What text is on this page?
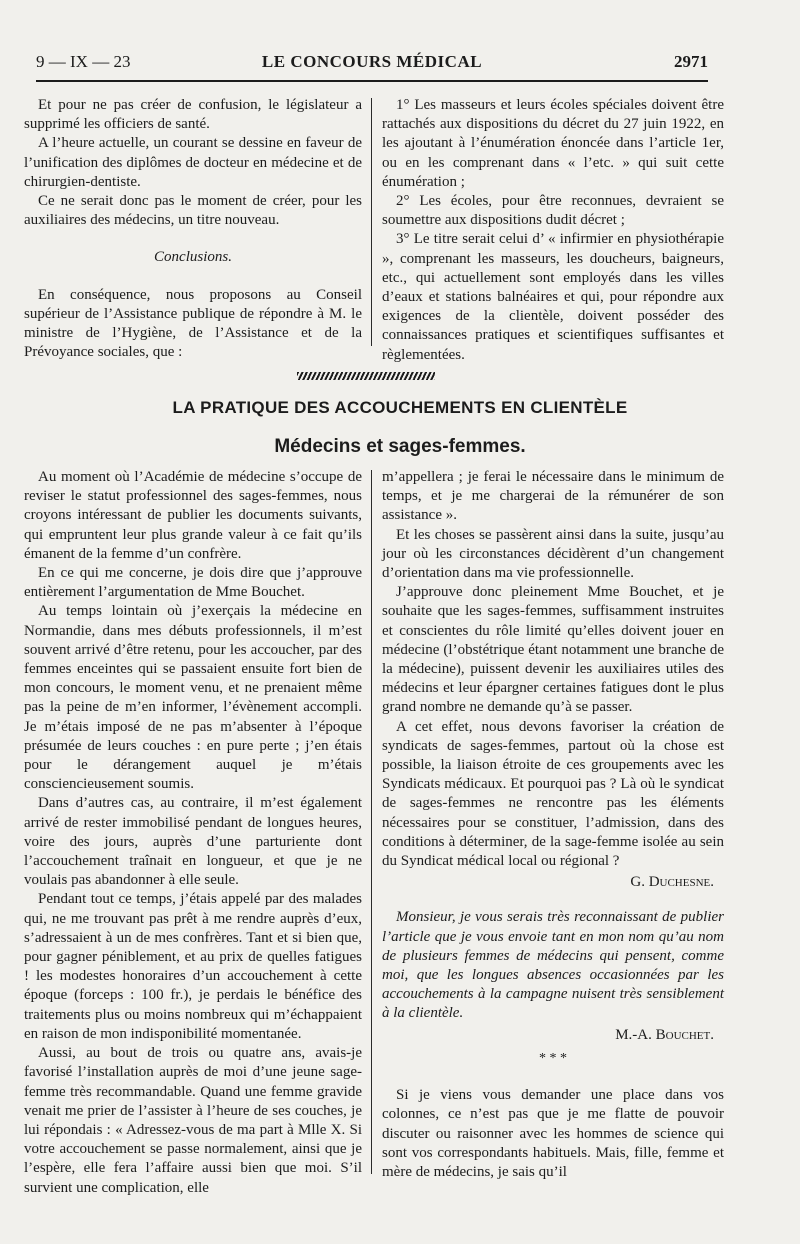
9 — IX — 23	LE CONCOURS MÉDICAL	2971

Et pour ne pas créer de confusion, le législateur a supprimé les officiers de santé.

A l’heure actuelle, un courant se dessine en faveur de l’unification des diplômes de docteur en médecine et de chirurgien-dentiste.

Ce ne serait donc pas le moment de créer, pour les auxiliaires des médecins, un titre nouveau.

Conclusions.

En conséquence, nous proposons au Conseil supérieur de l’Assistance publique de répondre à M. le ministre de l’Hygiène, de l’Assistance et de la Prévoyance sociales, que :

1° Les masseurs et leurs écoles spéciales doivent être rattachés aux dispositions du décret du 27 juin 1922, en les ajoutant à l’énumération énoncée dans l’article 1er, ou en les comprenant dans « l’etc. » qui suit cette énumération ;

2° Les écoles, pour être reconnues, devraient se soumettre aux dispositions dudit décret ;

3° Le titre serait celui d’ « infirmier en physiothérapie », comprenant les masseurs, les doucheurs, baigneurs, etc., qui actuellement sont employés dans les villes d’eaux et stations balnéaires et qui, pour répondre aux exigences de la clientèle, doivent posséder des connaissances pratiques et scientifiques suffisantes et règlementées.

LA PRATIQUE DES ACCOUCHEMENTS EN CLIENTÈLE
Médecins et sages-femmes.

Au moment où l’Académie de médecine s’occupe de reviser le statut professionnel des sages-femmes, nous croyons intéressant de publier les documents suivants, qui empruntent leur plus grande valeur à ce fait qu’ils émanent de la femme d’un confrère.

En ce qui me concerne, je dois dire que j’approuve entièrement l’argumentation de Mme Bouchet.

Au temps lointain où j’exerçais la médecine en Normandie, dans mes débuts professionnels, il m’est souvent arrivé d’être retenu, pour les accoucher, par des femmes enceintes qui se passaient ensuite fort bien de mon concours, le moment venu, et ne prenaient même pas la peine de m’en informer, l’évènement accompli. Je m’étais imposé de ne pas m’absenter à l’époque présumée de leurs couches : en pure perte ; j’en étais pour le dérangement auquel je m’étais consciencieusement soumis.

Dans d’autres cas, au contraire, il m’est également arrivé de rester immobilisé pendant de longues heures, voire des jours, auprès d’une parturiente dont l’accouchement traînait en longueur, et que je ne voulais pas abandonner à elle seule.

Pendant tout ce temps, j’étais appelé par des malades qui, ne me trouvant pas prêt à me rendre auprès d’eux, s’adressaient à un de mes confrères. Tant et si bien que, pour gagner péniblement, et au prix de quelles fatigues ! les modestes honoraires d’un accouchement à cette époque (forceps : 100 fr.), je perdais le bénéfice des traitements plus ou moins nombreux qui m’échappaient en raison de mon indisponibilité momentanée.

Aussi, au bout de trois ou quatre ans, avais-je favorisé l’installation auprès de moi d’une jeune sage-femme très recommandable. Quand une femme gravide venait me prier de l’assister à l’heure de ses couches, je lui répondais : « Adressez-vous de ma part à Mlle X. Si votre accouchement se passe normalement, ainsi que je l’espère, elle fera l’affaire aussi bien que moi. S’il survient une complication, elle

m’appellera ; je ferai le nécessaire dans le minimum de temps, et je me chargerai de la rémunérer de son assistance ».

Et les choses se passèrent ainsi dans la suite, jusqu’au jour où les circonstances décidèrent d’un changement d’orientation dans ma vie professionnelle.

J’approuve donc pleinement Mme Bouchet, et je souhaite que les sages-femmes, suffisamment instruites et conscientes du rôle limité qu’elles doivent jouer en médecine (l’obstétrique étant notamment une branche de la médecine), puissent devenir les auxiliaires utiles des médecins et leur épargner certaines fatigues dont le plus grand nombre ne demande qu’à se passer.

A cet effet, nous devons favoriser la création de syndicats de sages-femmes, partout où la chose est possible, la liaison étroite de ces groupements avec les Syndicats médicaux. Et pourquoi pas ? Là où le syndicat de sages-femmes ne rencontre pas les éléments nécessaires pour se constituer, l’admission, dans des conditions à déterminer, de la sage-femme isolée au sein du Syndicat médical local ou régional ?

G. Duchesne.

Monsieur, je vous serais très reconnaissant de publier l’article que je vous envoie tant en mon nom qu’au nom de plusieurs femmes de médecins qui pensent, comme moi, que les longues absences occasionnées par les accouchements à la campagne nuisent très sensiblement à la clientèle.

M.-A. Bouchet.

* * *

Si je viens vous demander une place dans vos colonnes, ce n’est pas que je me flatte de pouvoir discuter ou raisonner avec les hommes de science qui sont vos correspondants habituels. Mais, fille, femme et mère de médecins, je sais qu’il
